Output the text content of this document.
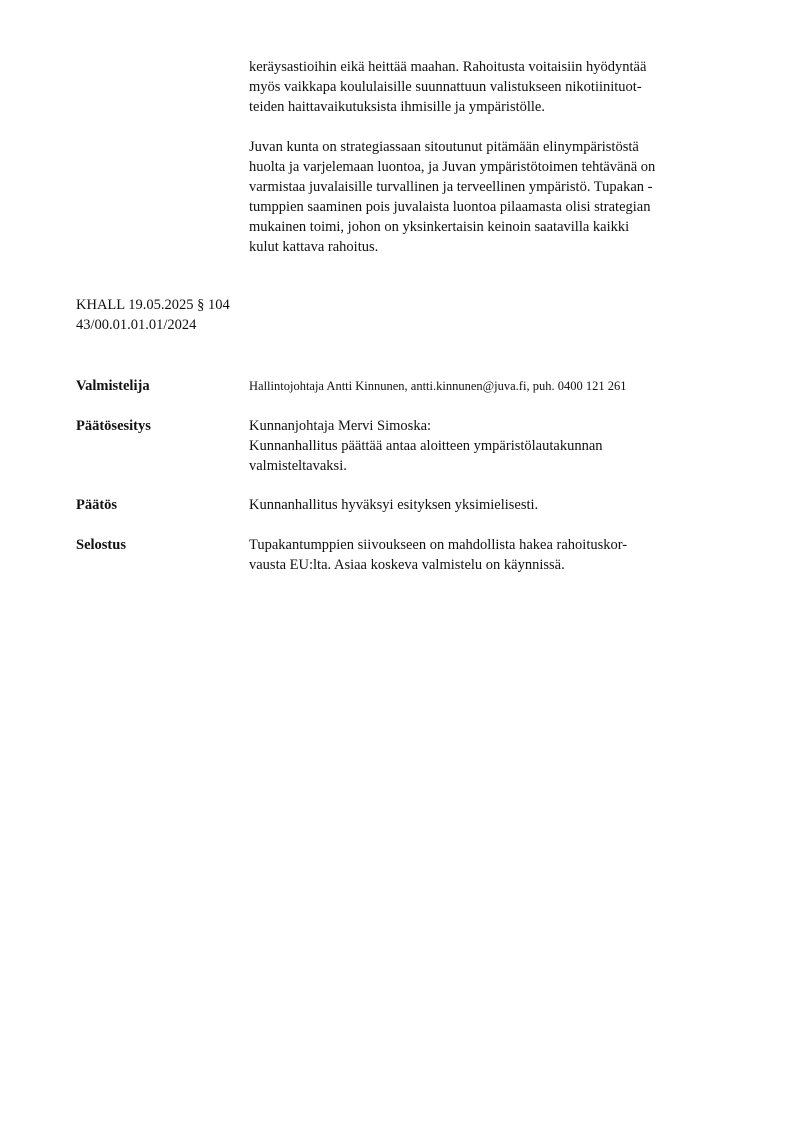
keräysastioihin eikä heittää maahan. Rahoitusta voitaisiin hyödyntää
myös vaikkapa koululaisille suunnattuun valistukseen nikotiinituot-
teiden haittavaikutuksista ihmisille ja ympäristölle.
Juvan kunta on strategiassaan sitoutunut pitämään elinympäristöstä
huolta ja varjelemaan luontoa, ja Juvan ympäristötoimen tehtävänä on
varmistaa juvalaisille turvallinen ja terveellinen ympäristö. Tupakan -
tumppien saaminen pois juvalaista luontoa pilaamasta olisi strategian
mukainen toimi, johon on yksinkertaisin keinoin saatavilla kaikki
kulut kattava rahoitus.
KHALL 19.05.2025 § 104
43/00.01.01.01/2024
Valmistelija	Hallintojohtaja Antti Kinnunen, antti.kinnunen@juva.fi, puh. 0400 121 261
Päätösesitys	Kunnanjohtaja Mervi Simoska:
Kunnanhallitus päättää antaa aloitteen ympäristölautakunnan
valmisteltavaksi.
Päätös	Kunnanhallitus hyväksyi esityksen yksimielisesti.
Selostus	Tupakantumppien siivoukseen on mahdollista hakea rahoituskor-
vausta EU:lta. Asiaa koskeva valmistelu on käynnissä.
